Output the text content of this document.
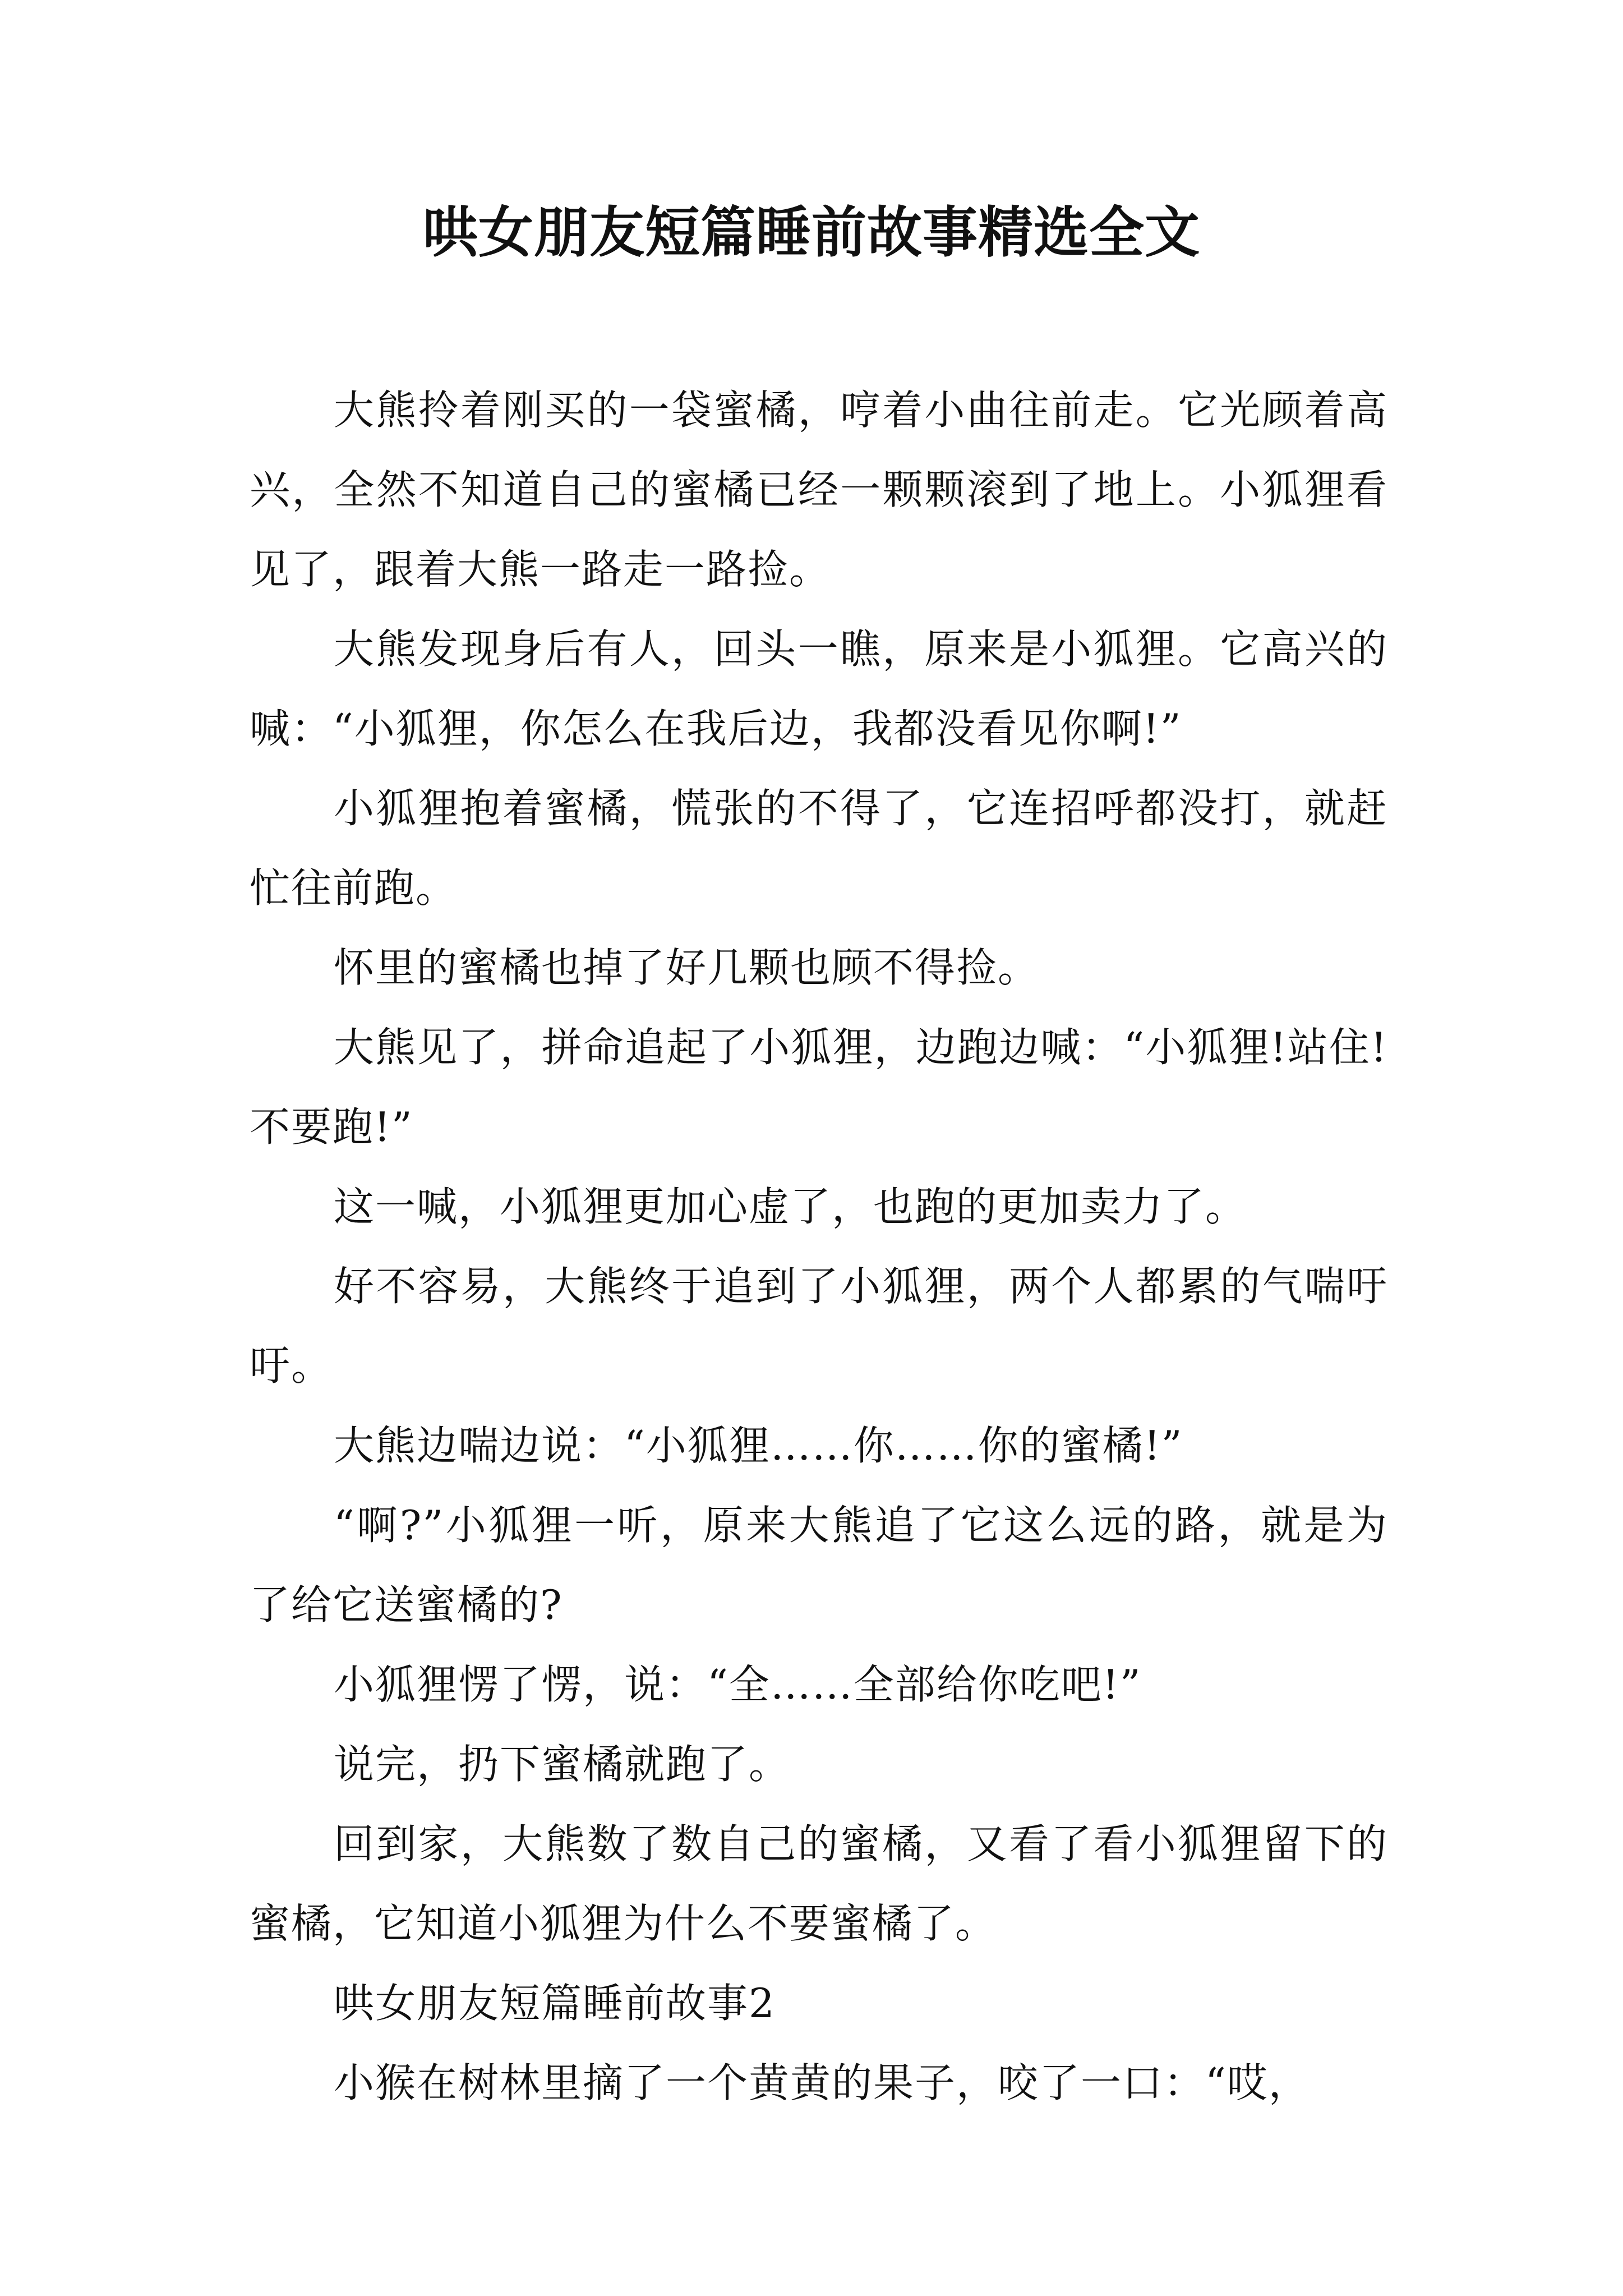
哄女朋友短篇睡前故事精选全文

大熊拎着刚买的一袋蜜橘，哼着小曲往前走。它光顾着高兴，全然不知道自己的蜜橘已经一颗颗滚到了地上。小狐狸看见了，跟着大熊一路走一路捡。

大熊发现身后有人，回头一瞧，原来是小狐狸。它高兴的喊：“小狐狸，你怎么在我后边，我都没看见你啊!”

小狐狸抱着蜜橘，慌张的不得了，它连招呼都没打，就赶忙往前跑。

怀里的蜜橘也掉了好几颗也顾不得捡。

大熊见了，拼命追起了小狐狸，边跑边喊：“小狐狸!站住!不要跑!”

这一喊，小狐狸更加心虚了，也跑的更加卖力了。

好不容易，大熊终于追到了小狐狸，两个人都累的气喘吁吁。

大熊边喘边说：“小狐狸……你……你的蜜橘!”

“啊?”小狐狸一听，原来大熊追了它这么远的路，就是为了给它送蜜橘的?

小狐狸愣了愣，说：“全……全部给你吃吧!”

说完，扔下蜜橘就跑了。

回到家，大熊数了数自己的蜜橘，又看了看小狐狸留下的蜜橘，它知道小狐狸为什么不要蜜橘了。

哄女朋友短篇睡前故事2

小猴在树林里摘了一个黄黄的果子，咬了一口：“哎，
